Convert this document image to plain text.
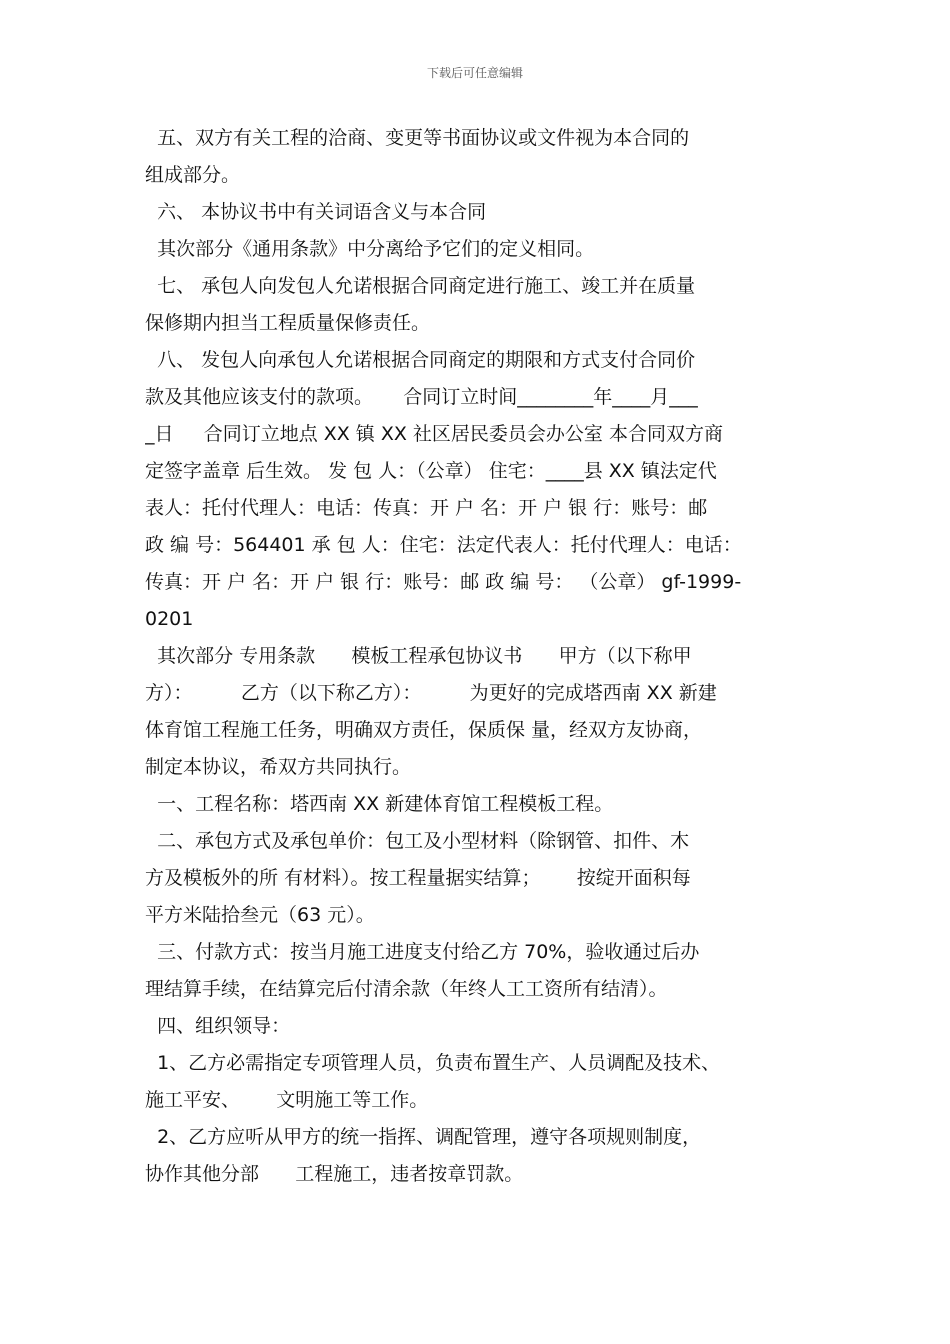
下载后可任意编辑
五、双方有关工程的洽商、变更等书面协议或文件视为本合同的
组成部分。
六、 本协议书中有关词语含义与本合同
其次部分《通用条款》中分离给予它们的定义相同。
七、 承包人向发包人允诺根据合同商定进行施工、竣工并在质量
保修期内担当工程质量保修责任。
八、 发包人向承包人允诺根据合同商定的期限和方式支付合同价
款及其他应该支付的款项。     合同订立时间________年____月___
_日     合同订立地点 XX 镇 XX 社区居民委员会办公室 本合同双方商
定签字盖章 后生效。 发 包 人：（公章） 住宅：____县 XX 镇法定代
表人：托付代理人：电话：传真：开 户 名：开 户 银 行：账号：邮
政 编 号：564401 承 包 人：住宅：法定代表人：托付代理人：电话：
传真：开 户 名：开 户 银 行：账号：邮 政 编 号： （公章） gf-1999-
0201
其次部分 专用条款      模板工程承包协议书      甲方（以下称甲
方）：        乙方（以下称乙方）：        为更好的完成塔西南 XX 新建
体育馆工程施工任务，明确双方责任，保质保 量，经双方友协商，
制定本协议，希双方共同执行。
一、工程名称：塔西南 XX 新建体育馆工程模板工程。
二、承包方式及承包单价：包工及小型材料（除钢管、扣件、木
方及模板外的所 有材料）。按工程量据实结算；      按绽开面积每
平方米陆拾叁元（63 元）。
三、付款方式：按当月施工进度支付给乙方 70%，验收通过后办
理结算手续，在结算完后付清余款（年终人工工资所有结清）。
四、组织领导：
1、乙方必需指定专项管理人员，负责布置生产、人员调配及技术、
施工平安、      文明施工等工作。
2、乙方应听从甲方的统一指挥、调配管理，遵守各项规则制度，
协作其他分部      工程施工，违者按章罚款。
